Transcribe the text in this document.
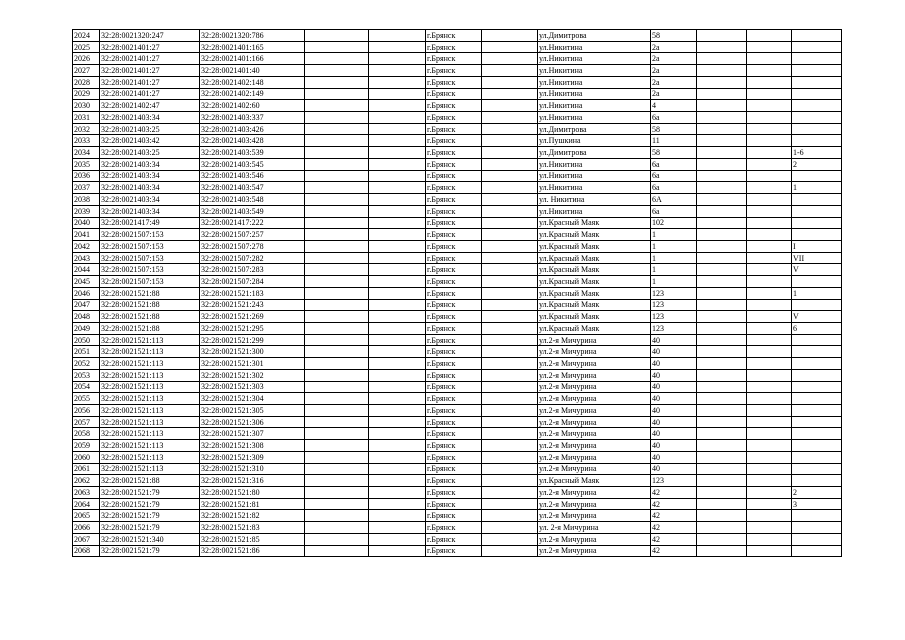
2024	32:28:0021320:247	32:28:0021320:786			г.Брянск		ул.Димитрова	58			
2025	32:28:0021401:27	32:28:0021401:165			г.Брянск		ул.Никитина	2а			
2026	32:28:0021401:27	32:28:0021401:166			г.Брянск		ул.Никитина	2а			
2027	32:28:0021401:27	32:28:0021401:40			г.Брянск		ул.Никитина	2а			
2028	32:28:0021401:27	32:28:0021402:148			г.Брянск		ул.Никитина	2а			
2029	32:28:0021401:27	32:28:0021402:149			г.Брянск		ул.Никитина	2а			
2030	32:28:0021402:47	32:28:0021402:60			г.Брянск		ул.Никитина	4			
2031	32:28:0021403:34	32:28:0021403:337			г.Брянск		ул.Никитина	6а			
2032	32:28:0021403:25	32:28:0021403:426			г.Брянск		ул.Димитрова	58			
2033	32:28:0021403:42	32:28:0021403:428			г.Брянск		ул.Пушкина	11			
2034	32:28:0021403:25	32:28:0021403:539			г.Брянск		ул.Димитрова	58			1-6
2035	32:28:0021403:34	32:28:0021403:545			г.Брянск		ул.Никитина	6а			2
2036	32:28:0021403:34	32:28:0021403:546			г.Брянск		ул.Никитина	6а			
2037	32:28:0021403:34	32:28:0021403:547			г.Брянск		ул.Никитина	6а			1
2038	32:28:0021403:34	32:28:0021403:548			г.Брянск		ул. Никитина	6А			
2039	32:28:0021403:34	32:28:0021403:549			г.Брянск		ул.Никитина	6а			
2040	32:28:0021417:49	32:28:0021417:222			г.Брянск		ул.Красный Маяк	102			
2041	32:28:0021507:153	32:28:0021507:257			г.Брянск		ул.Красный Маяк	1			
2042	32:28:0021507:153	32:28:0021507:278			г.Брянск		ул.Красный Маяк	1			I
2043	32:28:0021507:153	32:28:0021507:282			г.Брянск		ул.Красный Маяк	1			VII
2044	32:28:0021507:153	32:28:0021507:283			г.Брянск		ул.Красный Маяк	1			V
2045	32:28:0021507:153	32:28:0021507:284			г.Брянск		ул.Красный Маяк	1			
2046	32:28:0021521:88	32:28:0021521:183			г.Брянск		ул.Красный Маяк	123			1
2047	32:28:0021521:88	32:28:0021521:243			г.Брянск		ул.Красный Маяк	123			
2048	32:28:0021521:88	32:28:0021521:269			г.Брянск		ул.Красный Маяк	123			V
2049	32:28:0021521:88	32:28:0021521:295			г.Брянск		ул.Красный Маяк	123			6
2050	32:28:0021521:113	32:28:0021521:299			г.Брянск		ул.2-я Мичурина	40			
2051	32:28:0021521:113	32:28:0021521:300			г.Брянск		ул.2-я Мичурина	40			
2052	32:28:0021521:113	32:28:0021521:301			г.Брянск		ул.2-я Мичурина	40			
2053	32:28:0021521:113	32:28:0021521:302			г.Брянск		ул.2-я Мичурина	40			
2054	32:28:0021521:113	32:28:0021521:303			г.Брянск		ул.2-я Мичурина	40			
2055	32:28:0021521:113	32:28:0021521:304			г.Брянск		ул.2-я Мичурина	40			
2056	32:28:0021521:113	32:28:0021521:305			г.Брянск		ул.2-я Мичурина	40			
2057	32:28:0021521:113	32:28:0021521:306			г.Брянск		ул.2-я Мичурина	40			
2058	32:28:0021521:113	32:28:0021521:307			г.Брянск		ул.2-я Мичурина	40			
2059	32:28:0021521:113	32:28:0021521:308			г.Брянск		ул.2-я Мичурина	40			
2060	32:28:0021521:113	32:28:0021521:309			г.Брянск		ул.2-я Мичурина	40			
2061	32:28:0021521:113	32:28:0021521:310			г.Брянск		ул.2-я Мичурина	40			
2062	32:28:0021521:88	32:28:0021521:316			г.Брянск		ул.Красный Маяк	123			
2063	32:28:0021521:79	32:28:0021521:80			г.Брянск		ул.2-я Мичурина	42			2
2064	32:28:0021521:79	32:28:0021521:81			г.Брянск		ул.2-я Мичурина	42			3
2065	32:28:0021521:79	32:28:0021521:82			г.Брянск		ул.2-я Мичурина	42			
2066	32:28:0021521:79	32:28:0021521:83			г.Брянск		ул. 2-я Мичурина	42			
2067	32:28:0021521:340	32:28:0021521:85			г.Брянск		ул.2-я Мичурина	42			
2068	32:28:0021521:79	32:28:0021521:86			г.Брянск		ул.2-я Мичурина	42			
